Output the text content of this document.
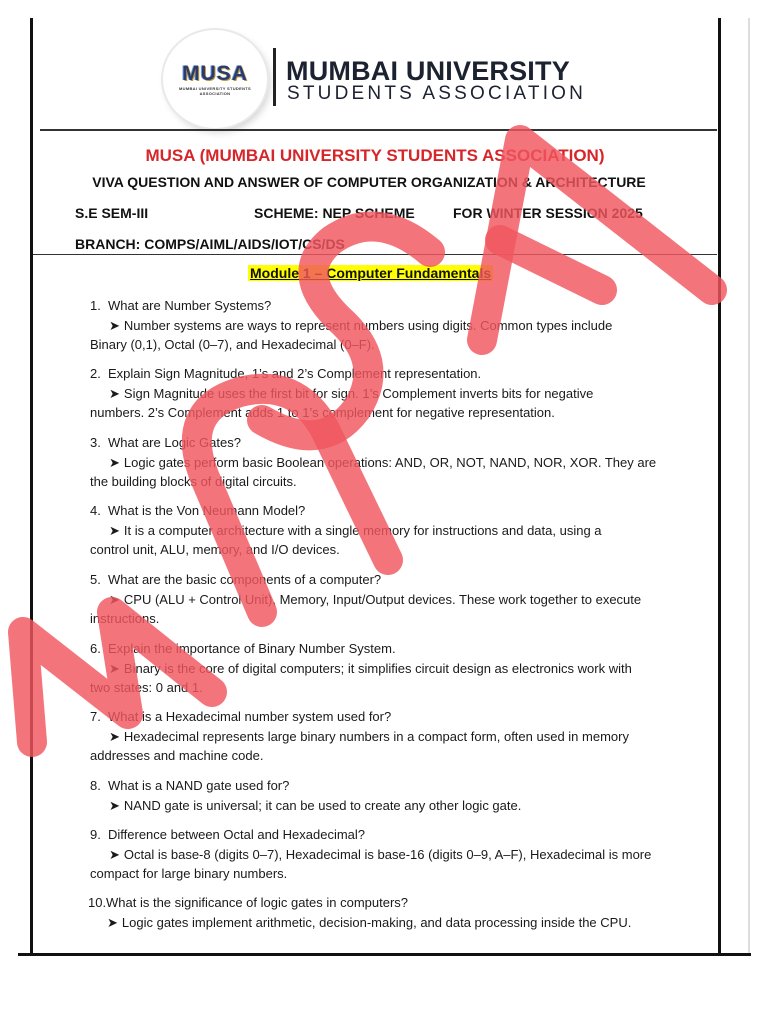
MUSA
MUMBAI UNIVERSITY STUDENTS ASSOCIATION
MUMBAI UNIVERSITY
STUDENTS ASSOCIATION
MUSA (MUMBAI UNIVERSITY STUDENTS ASSOCIATION)
VIVA QUESTION AND ANSWER OF COMPUTER ORGANIZATION & ARCHITECTURE
S.E SEM-III	SCHEME: NEP SCHEME	FOR WINTER SESSION 2025
BRANCH: COMPS/AIML/AIDS/IOT/CS/DS
Module 1 – Computer Fundamentals
1. What are Number Systems?
➤ Number systems are ways to represent numbers using digits. Common types include
Binary (0,1), Octal (0–7), and Hexadecimal (0–F).
2. Explain Sign Magnitude, 1’s and 2’s Complement representation.
➤ Sign Magnitude uses the first bit for sign. 1’s Complement inverts bits for negative
numbers. 2’s Complement adds 1 to 1’s complement for negative representation.
3. What are Logic Gates?
➤ Logic gates perform basic Boolean operations: AND, OR, NOT, NAND, NOR, XOR. They are
the building blocks of digital circuits.
4. What is the Von Neumann Model?
➤ It is a computer architecture with a single memory for instructions and data, using a
control unit, ALU, memory, and I/O devices.
5. What are the basic components of a computer?
➤ CPU (ALU + Control Unit), Memory, Input/Output devices. These work together to execute
instructions.
6. Explain the importance of Binary Number System.
➤ Binary is the core of digital computers; it simplifies circuit design as electronics work with
two states: 0 and 1.
7. What is a Hexadecimal number system used for?
➤ Hexadecimal represents large binary numbers in a compact form, often used in memory
addresses and machine code.
8. What is a NAND gate used for?
➤ NAND gate is universal; it can be used to create any other logic gate.
9. Difference between Octal and Hexadecimal?
➤ Octal is base-8 (digits 0–7), Hexadecimal is base-16 (digits 0–9, A–F), Hexadecimal is more
compact for large binary numbers.
10.What is the significance of logic gates in computers?
➤ Logic gates implement arithmetic, decision-making, and data processing inside the CPU.
